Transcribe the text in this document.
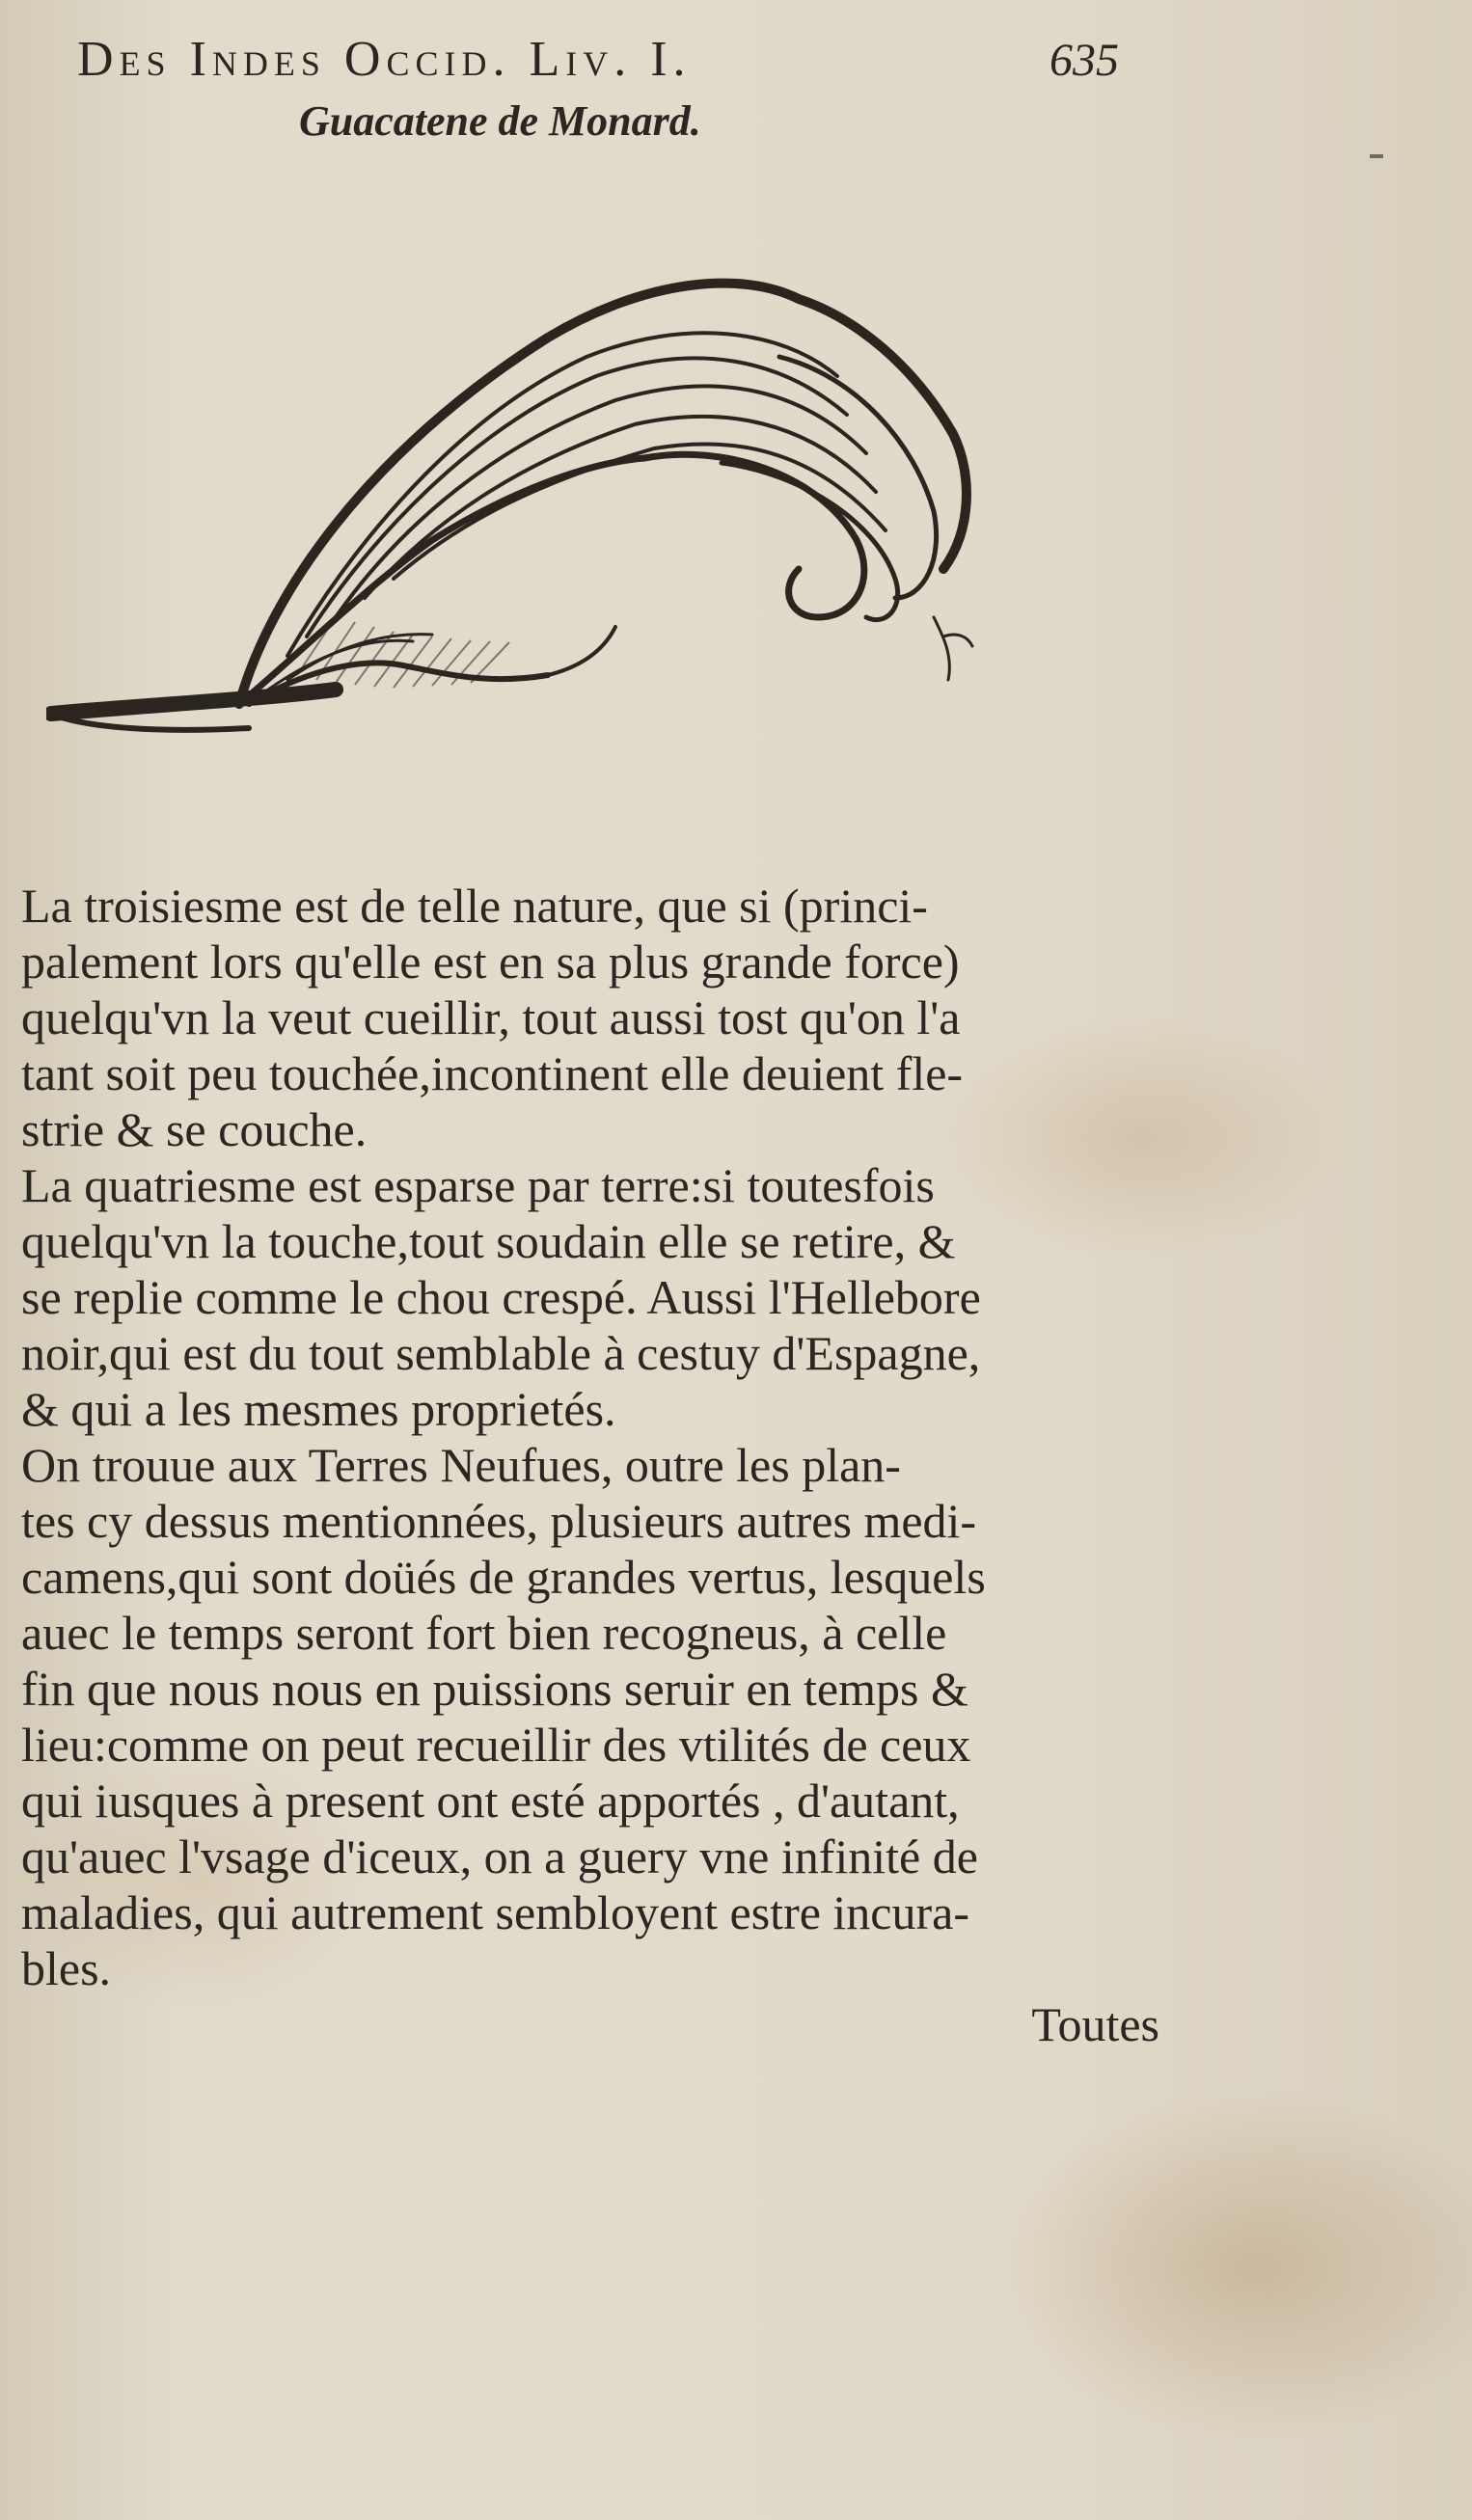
Des Indes Occid. Liv. I.	635
Guacatene de Monard.

La troisiesme est de telle nature, que si (princi-
palement lors qu'elle est en sa plus grande force)
quelqu'vn la veut cueillir, tout aussi tost qu'on l'a
tant soit peu touchée,incontinent elle deuient fle-
strie & se couche.

La quatriesme est esparse par terre:si toutesfois
quelqu'vn la touche,tout soudain elle se retire, &
se replie comme le chou crespé. Aussi l'Hellebore
noir,qui est du tout semblable à cestuy d'Espagne,
& qui a les mesmes proprietés.

On trouue aux Terres Neufues, outre les plan-
tes cy dessus mentionnées, plusieurs autres medi-
camens,qui sont doüés de grandes vertus, lesquels
auec le temps seront fort bien recogneus, à celle
fin que nous nous en puissions seruir en temps &
lieu:comme on peut recueillir des vtilités de ceux
qui iusques à present ont esté apportés , d'autant,
qu'auec l'vsage d'iceux, on a guery vne infinité de
maladies, qui autrement sembloyent estre incura-
bles.

Toutes
